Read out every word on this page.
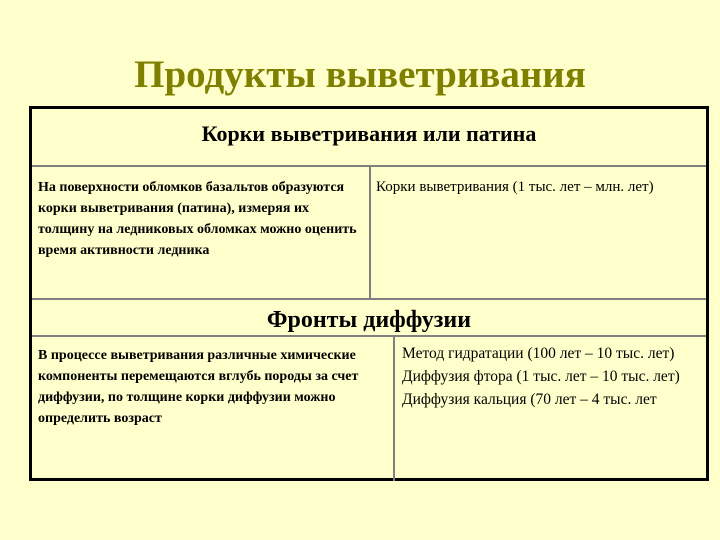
Продукты выветривания
Корки выветривания или патина
На поверхности обломков базальтов образуются корки выветривания (патина), измеряя их толщину на ледниковых обломках можно оценить время активности ледника
Корки выветривания (1 тыс. лет – млн. лет)
Фронты диффузии
В процессе выветривания различные химические компоненты перемещаются вглубь породы за счет диффузии, по толщине корки диффузии можно определить возраст
Метод гидратации (100 лет – 10 тыс. лет)
Диффузия фтора (1 тыс. лет – 10 тыс. лет)
Диффузия кальция (70 лет – 4 тыс. лет
